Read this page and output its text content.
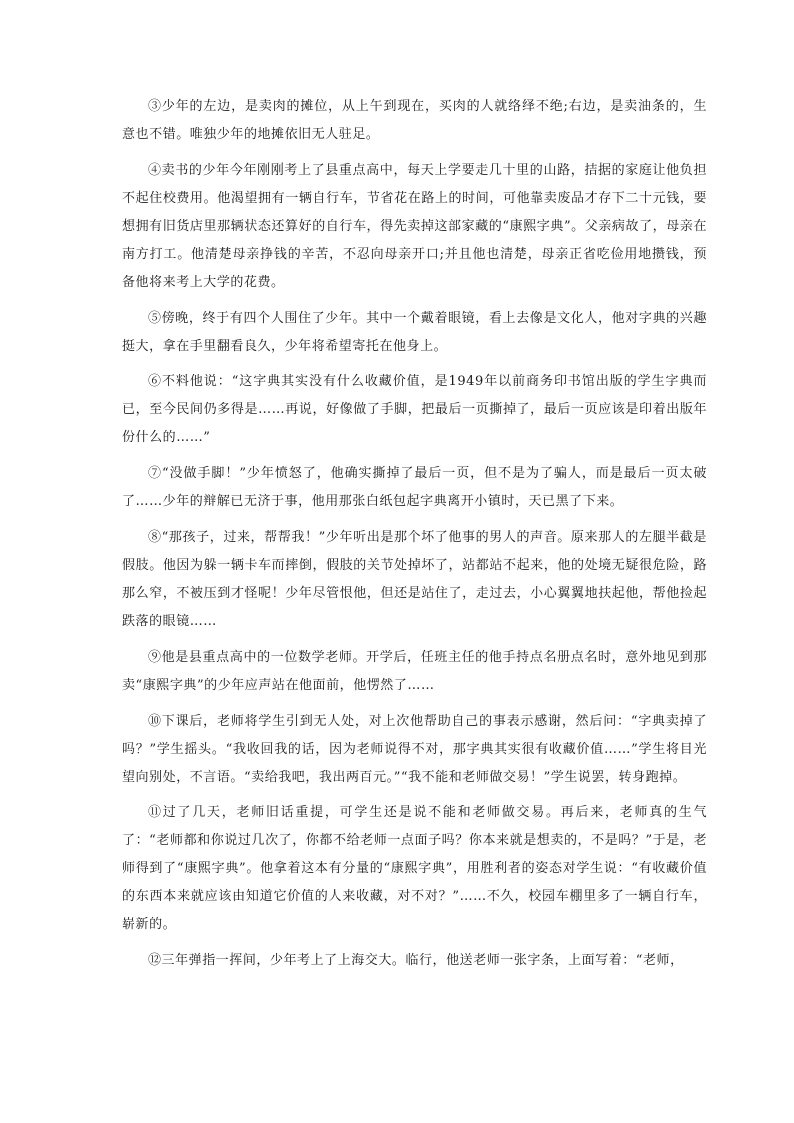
③少年的左边，是卖肉的摊位，从上午到现在，买肉的人就络绎不绝;右边，是卖油条的，生意也不错。唯独少年的地摊依旧无人驻足。

④卖书的少年今年刚刚考上了县重点高中，每天上学要走几十里的山路，拮据的家庭让他负担不起住校费用。他渴望拥有一辆自行车，节省花在路上的时间，可他靠卖废品才存下二十元钱，要想拥有旧货店里那辆状态还算好的自行车，得先卖掉这部家藏的“康熙字典”。父亲病故了，母亲在南方打工。他清楚母亲挣钱的辛苦，不忍向母亲开口;并且他也清楚，母亲正省吃俭用地攒钱，预备他将来考上大学的花费。

⑤傍晚，终于有四个人围住了少年。其中一个戴着眼镜，看上去像是文化人，他对字典的兴趣挺大，拿在手里翻看良久，少年将希望寄托在他身上。

⑥不料他说：“这字典其实没有什么收藏价值，是1949年以前商务印书馆出版的学生字典而已，至今民间仍多得是……再说，好像做了手脚，把最后一页撕掉了，最后一页应该是印着出版年份什么的……”

⑦“没做手脚！”少年愤怒了，他确实撕掉了最后一页，但不是为了骗人，而是最后一页太破了……少年的辩解已无济于事，他用那张白纸包起字典离开小镇时，天已黑了下来。

⑧“那孩子，过来，帮帮我！”少年听出是那个坏了他事的男人的声音。原来那人的左腿半截是假肢。他因为躲一辆卡车而摔倒，假肢的关节处掉坏了，站都站不起来，他的处境无疑很危险，路那么窄，不被压到才怪呢！少年尽管恨他，但还是站住了，走过去，小心翼翼地扶起他，帮他捡起跌落的眼镜……

⑨他是县重点高中的一位数学老师。开学后，任班主任的他手持点名册点名时，意外地见到那卖“康熙字典”的少年应声站在他面前，他愣然了……

⑩下课后，老师将学生引到无人处，对上次他帮助自己的事表示感谢，然后问：“字典卖掉了吗？”学生摇头。“我收回我的话，因为老师说得不对，那字典其实很有收藏价值……”学生将目光望向别处，不言语。“卖给我吧，我出两百元。”“我不能和老师做交易！”学生说罢，转身跑掉。

⑪过了几天，老师旧话重提，可学生还是说不能和老师做交易。再后来，老师真的生气了：“老师都和你说过几次了，你都不给老师一点面子吗？你本来就是想卖的，不是吗？”于是，老师得到了“康熙字典”。他拿着这本有分量的“康熙字典”，用胜利者的姿态对学生说：“有收藏价值的东西本来就应该由知道它价值的人来收藏，对不对？”……不久，校园车棚里多了一辆自行车，崭新的。

⑫三年弹指一挥间，少年考上了上海交大。临行，他送老师一张字条，上面写着：“老师，
